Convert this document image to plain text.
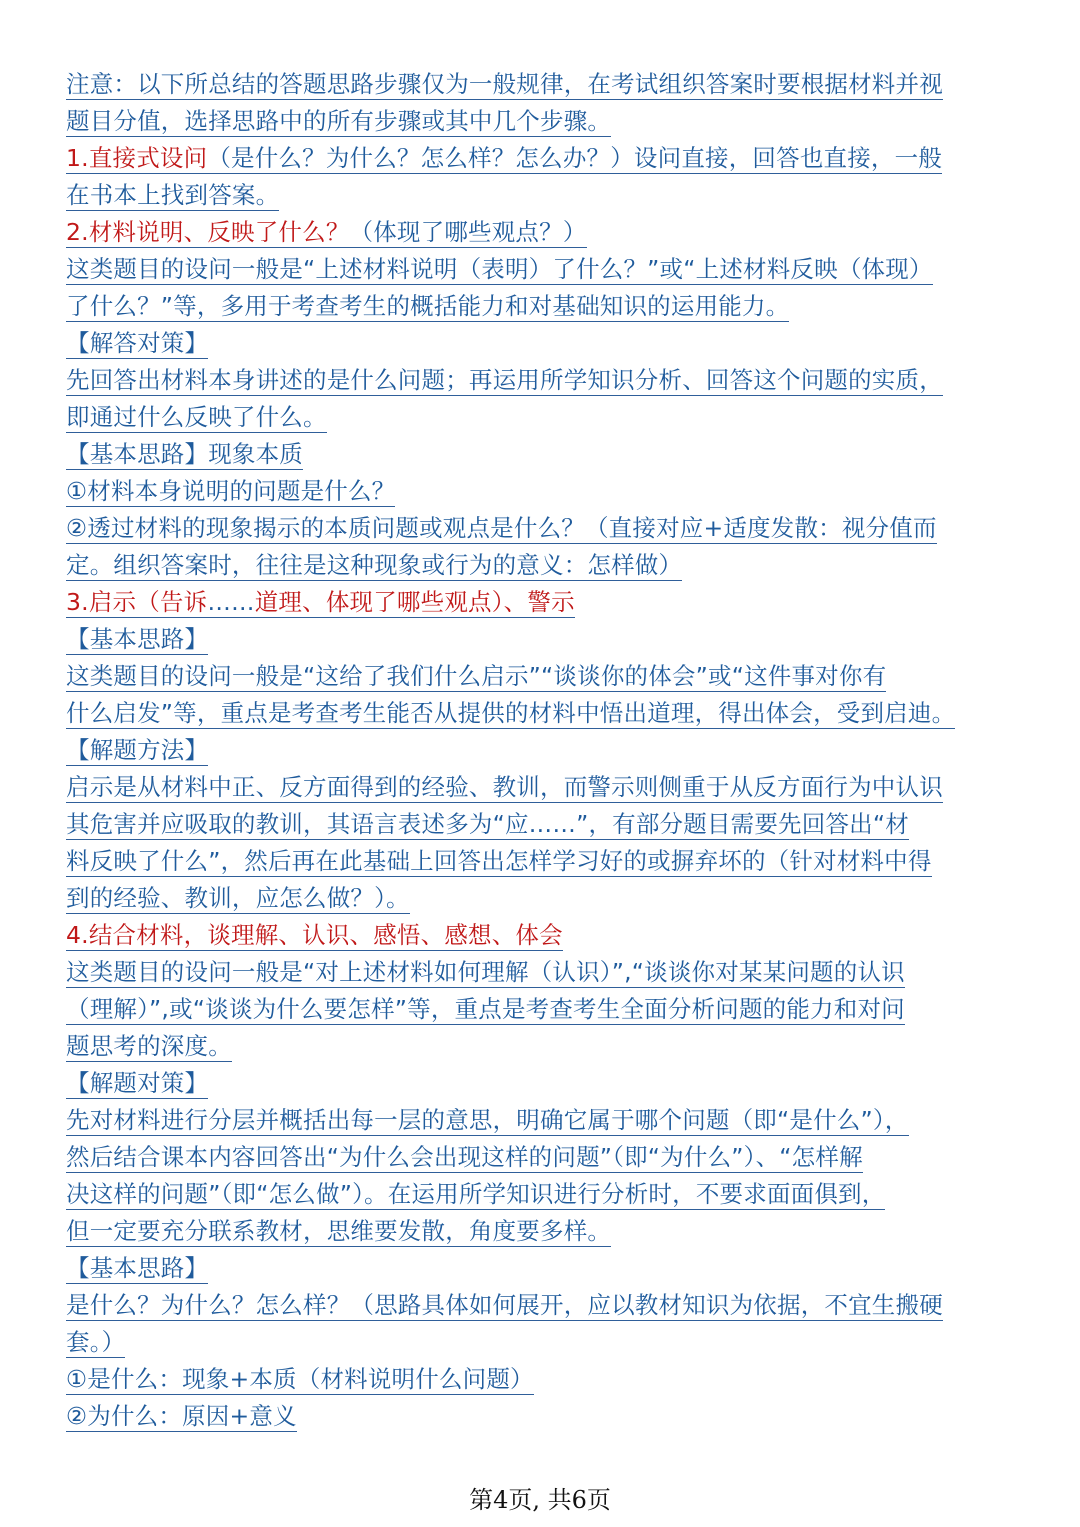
注意：以下所总结的答题思路步骤仅为一般规律，在考试组织答案时要根据材料并视
题目分值，选择思路中的所有步骤或其中几个步骤。
1.直接式设问（是什么？为什么？怎么样？怎么办？）设问直接，回答也直接，一般
在书本上找到答案。
2.材料说明、反映了什么？（体现了哪些观点？）
这类题目的设问一般是“上述材料说明（表明）了什么？”或“上述材料反映（体现）
了什么？”等，多用于考查考生的概括能力和对基础知识的运用能力。
【解答对策】
先回答出材料本身讲述的是什么问题；再运用所学知识分析、回答这个问题的实质，
即通过什么反映了什么。
【基本思路】现象本质
①材料本身说明的问题是什么？
②透过材料的现象揭示的本质问题或观点是什么？（直接对应+适度发散：视分值而
定。组织答案时，往往是这种现象或行为的意义：怎样做）
3.启示（告诉……道理、体现了哪些观点）、警示
【基本思路】
这类题目的设问一般是“这给了我们什么启示”“谈谈你的体会”或“这件事对你有
什么启发”等，重点是考查考生能否从提供的材料中悟出道理，得出体会，受到启迪。
【解题方法】
启示是从材料中正、反方面得到的经验、教训，而警示则侧重于从反方面行为中认识
其危害并应吸取的教训，其语言表述多为“应……”，有部分题目需要先回答出“材
料反映了什么”，然后再在此基础上回答出怎样学习好的或摒弃坏的（针对材料中得
到的经验、教训，应怎么做？）。
4.结合材料，谈理解、认识、感悟、感想、体会
这类题目的设问一般是“对上述材料如何理解（认识）”,“谈谈你对某某问题的认识
（理解）”,或“谈谈为什么要怎样”等，重点是考查考生全面分析问题的能力和对问
题思考的深度。
【解题对策】
先对材料进行分层并概括出每一层的意思，明确它属于哪个问题（即“是什么”），
然后结合课本内容回答出“为什么会出现这样的问题”（即“为什么”）、“怎样解
决这样的问题”（即“怎么做”）。在运用所学知识进行分析时，不要求面面俱到，
但一定要充分联系教材，思维要发散，角度要多样。
【基本思路】
是什么？为什么？怎么样？（思路具体如何展开，应以教材知识为依据，不宜生搬硬
套。）
①是什么：现象+本质（材料说明什么问题）
②为什么：原因+意义
第4页, 共6页
